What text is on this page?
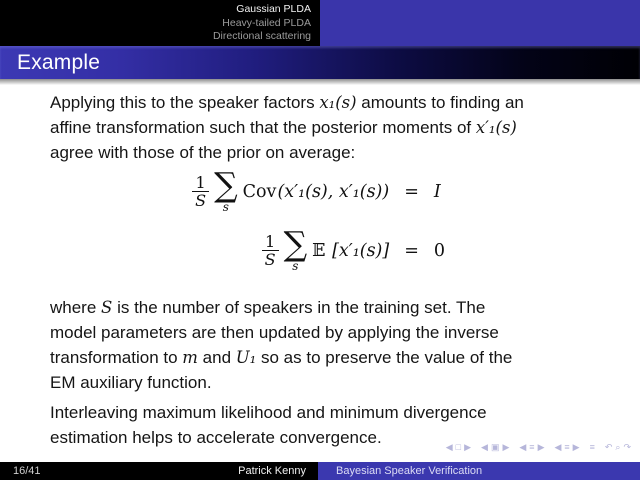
Gaussian PLDA
Heavy-tailed PLDA
Directional scattering
Example
Applying this to the speaker factors x₁(s) amounts to finding an
affine transformation such that the posterior moments of x′₁(s)
agree with those of the prior on average:
$\frac{1}{S}$ ∑
s
Cov(x′₁(s), x′₁(s)) = I
$\frac{1}{S}$ ∑
s
𝔼 [x′₁(s)] = 0
where S is the number of speakers in the training set. The
model parameters are then updated by applying the inverse
transformation to m and U₁ so as to preserve the value of the
EM auxiliary function.
Interleaving maximum likelihood and minimum divergence
estimation helps to accelerate convergence.	◀ □ ▶ ◀ ▣ ▶ ◀ ≡ ▶ ◀ ≡ ▶ ≡ ↶ ⌕ ↷
16/41	Patrick Kenny	Bayesian Speaker Verification
